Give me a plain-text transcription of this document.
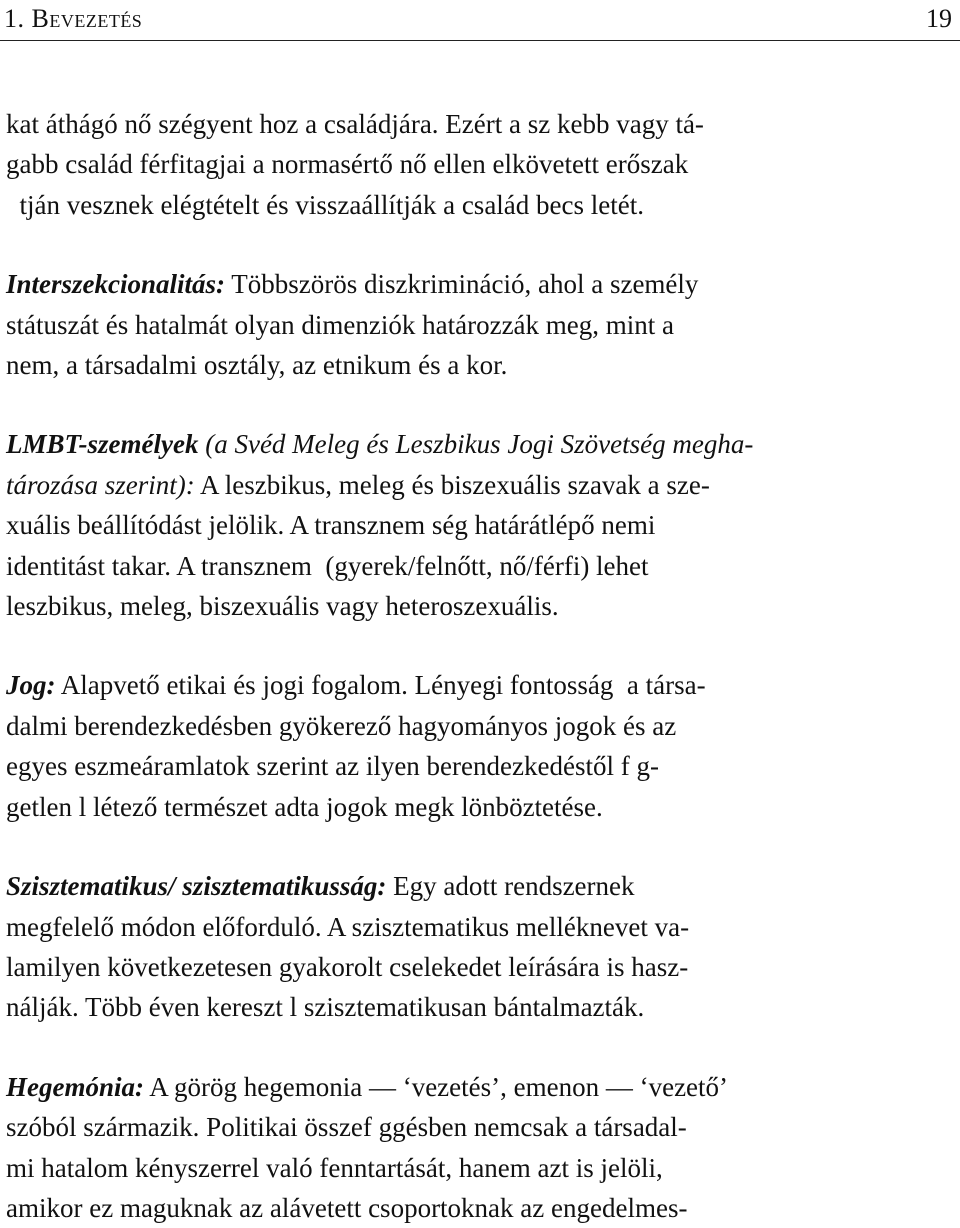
1. Bevezetés	19
kat áthágó nő szégyent hoz a családjára. Ezért a sz kebb vagy tá-
gabb család férfitagjai a normasértő nő ellen elkövetett erőszak
tján vesznek elégtételt és visszaállítják a család becs letét.
Interszekcionalitás: Többszörös diszkrimináció, ahol a személy
státuszát és hatalmát olyan dimenziók határozzák meg, mint a
nem, a társadalmi osztály, az etnikum és a kor.
LMBT-személyek (a Svéd Meleg és Leszbikus Jogi Szövetség megha-
tározása szerint): A leszbikus, meleg és biszexuális szavak a sze-
xuális beállítódást jelölik. A transznem ség határátlépő nemi
identitást takar. A transznem  (gyerek/felnőtt, nő/férfi) lehet
leszbikus, meleg, biszexuális vagy heteroszexuális.
Jog: Alapvető etikai és jogi fogalom. Lényegi fontosság  a társa-
dalmi berendezkedésben gyökerező hagyományos jogok és az
egyes eszmeáramlatok szerint az ilyen berendezkedéstől f g-
getlen l létező természet adta jogok megk lönböztetése.
Szisztematikus/ szisztematikusság: Egy adott rendszernek
megfelelő módon előforduló. A szisztematikus melléknevet va-
lamilyen következetesen gyakorolt cselekedet leírására is hasz-
nálják. Több éven kereszt l szisztematikusan bántalmazták.
Hegemónia: A görög hegemonia — ‘vezetés’, emenon — ‘vezető’
szóból származik. Politikai összef ggésben nemcsak a társadal-
mi hatalom kényszerrel való fenntartását, hanem azt is jelöli,
amikor ez maguknak az alávetett csoportoknak az engedelmes-
